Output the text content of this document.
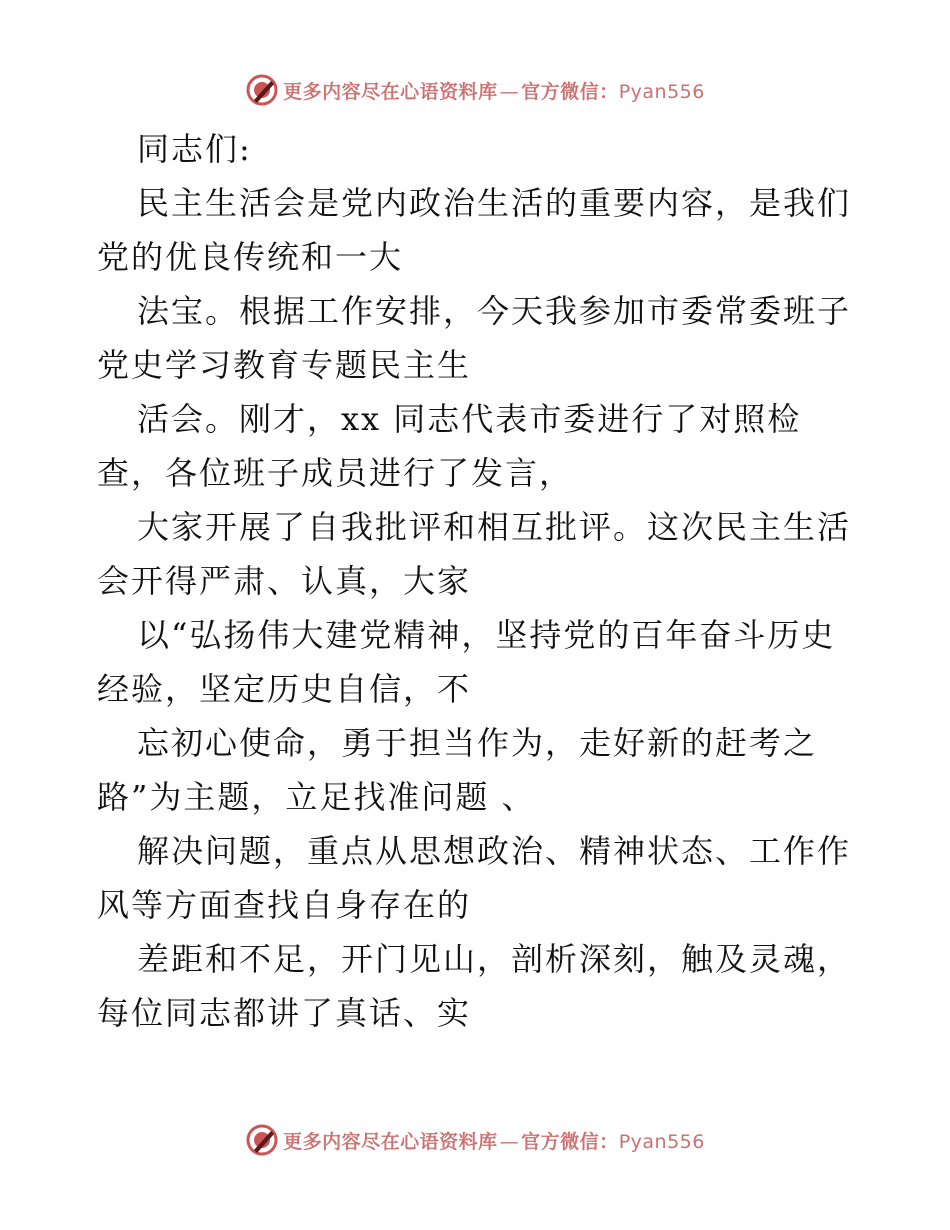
更多内容尽在心语资料库 — 官方微信：Pyan556
同志们:
民主生活会是党内政治生活的重要内容，是我们
党的优良传统和一大
法宝。根据工作安排，今天我参加市委常委班子
党史学习教育专题民主生
活会。刚才，xx 同志代表市委进行了对照检
查，各位班子成员进行了发言，
大家开展了自我批评和相互批评。这次民主生活
会开得严肃、认真，大家
以“弘扬伟大建党精神，坚持党的百年奋斗历史
经验，坚定历史自信，不
忘初心使命，勇于担当作为，走好新的赶考之
路”为主题，立足找准问题 、
解决问题，重点从思想政治、精神状态、工作作
风等方面查找自身存在的
差距和不足，开门见山，剖析深刻，触及灵魂，
每位同志都讲了真话、实
更多内容尽在心语资料库 — 官方微信：Pyan556
